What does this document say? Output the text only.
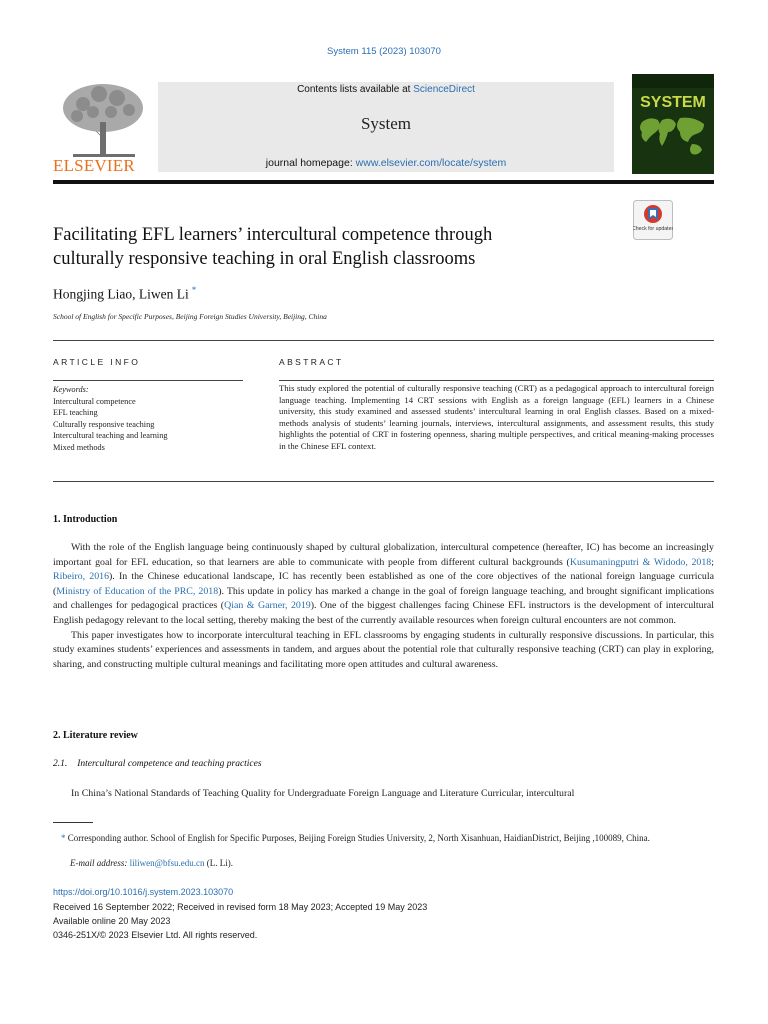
System 115 (2023) 103070
ELSEVIER
Contents lists available at ScienceDirect
System
journal homepage: www.elsevier.com/locate/system
SYSTEM
Check for updates
Facilitating EFL learners’ intercultural competence through
culturally responsive teaching in oral English classrooms
Hongjing Liao, Liwen Li *
School of English for Specific Purposes, Beijing Foreign Studies University, Beijing, China
ARTICLE INFO	ABSTRACT
Keywords:
Intercultural competence
EFL teaching
Culturally responsive teaching
Intercultural teaching and learning
Mixed methods
This study explored the potential of culturally responsive teaching (CRT) as a pedagogical approach to intercultural foreign language teaching. Implementing 14 CRT sessions with English as a foreign language (EFL) learners in a Chinese university, this study examined and assessed students’ intercultural learning in oral English classes. Based on a mixed-methods analysis of students’ learning journals, interviews, intercultural assignments, and assessment results, this study highlights the potential of CRT in fostering openness, sharing multiple perspectives, and critical meaning-making processes in the Chinese EFL context.
1. Introduction

With the role of the English language being continuously shaped by cultural globalization, intercultural competence (hereafter, IC) has become an increasingly important goal for EFL education, so that learners are able to communicate with people from different cultural backgrounds (Kusumaningputri & Widodo, 2018; Ribeiro, 2016). In the Chinese educational landscape, IC has recently been established as one of the core objectives of the national foreign language curricula (Ministry of Education of the PRC, 2018). This update in policy has marked a change in the goal of foreign language teaching, and brought significant implications and challenges for pedagogical practices (Qian & Garner, 2019). One of the biggest challenges facing Chinese EFL instructors is the development of intercultural English pedagogy relevant to the local setting, thereby making the best of the currently available resources when foreign cultural encounters are not common.

This paper investigates how to incorporate intercultural teaching in EFL classrooms by engaging students in culturally responsive discussions. In particular, this study examines students’ experiences and assessments in tandem, and argues about the potential role that culturally responsive teaching (CRT) can play in exploring, sharing, and constructing multiple cultural meanings and facilitating more open attitudes and cultural awareness.

2. Literature review
2.1. Intercultural competence and teaching practices
In China’s National Standards of Teaching Quality for Undergraduate Foreign Language and Literature Curricular, intercultural
* Corresponding author. School of English for Specific Purposes, Beijing Foreign Studies University, 2, North Xisanhuan, HaidianDistrict, Beijing ,100089, China.
E-mail address: liliwen@bfsu.edu.cn (L. Li).
https://doi.org/10.1016/j.system.2023.103070
Received 16 September 2022; Received in revised form 18 May 2023; Accepted 19 May 2023
Available online 20 May 2023
0346-251X/© 2023 Elsevier Ltd. All rights reserved.
